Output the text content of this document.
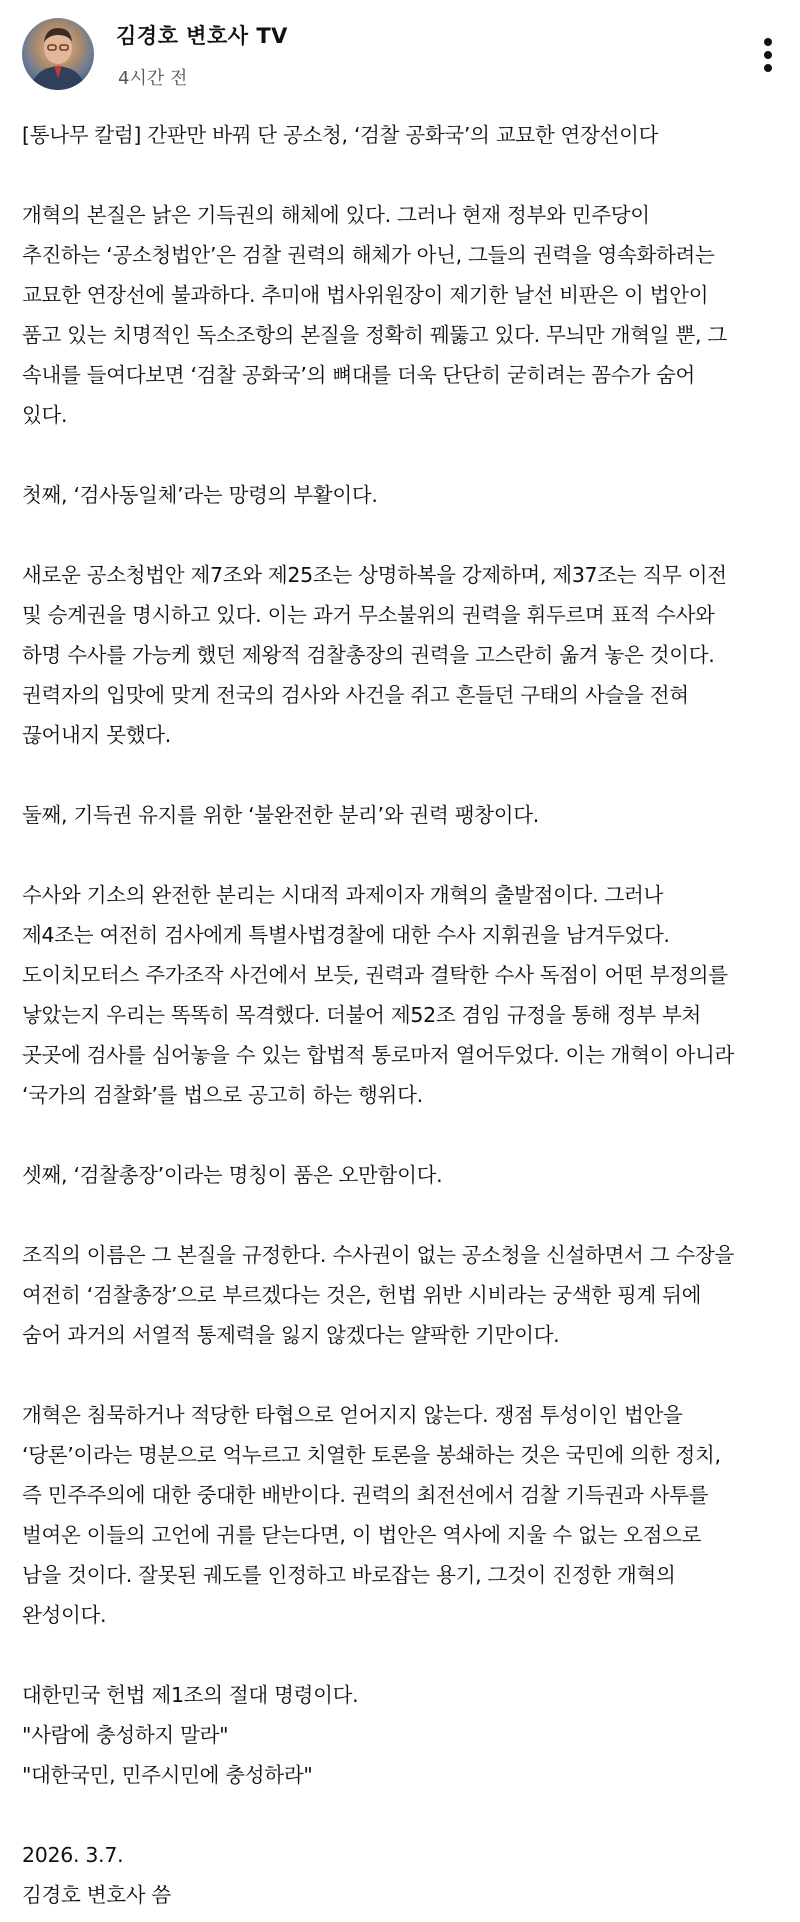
김경호 변호사 TV
4시간 전

[통나무 칼럼] 간판만 바꿔 단 공소청, ‘검찰 공화국’의 교묘한 연장선이다

개혁의 본질은 낡은 기득권의 해체에 있다. 그러나 현재 정부와 민주당이
추진하는 ‘공소청법안’은 검찰 권력의 해체가 아닌, 그들의 권력을 영속화하려는
교묘한 연장선에 불과하다. 추미애 법사위원장이 제기한 날선 비판은 이 법안이
품고 있는 치명적인 독소조항의 본질을 정확히 꿰뚫고 있다. 무늬만 개혁일 뿐, 그
속내를 들여다보면 ‘검찰 공화국’의 뼈대를 더욱 단단히 굳히려는 꼼수가 숨어
있다.

첫째, ‘검사동일체’라는 망령의 부활이다.

새로운 공소청법안 제7조와 제25조는 상명하복을 강제하며, 제37조는 직무 이전
및 승계권을 명시하고 있다. 이는 과거 무소불위의 권력을 휘두르며 표적 수사와
하명 수사를 가능케 했던 제왕적 검찰총장의 권력을 고스란히 옮겨 놓은 것이다.
권력자의 입맛에 맞게 전국의 검사와 사건을 쥐고 흔들던 구태의 사슬을 전혀
끊어내지 못했다.

둘째, 기득권 유지를 위한 ‘불완전한 분리’와 권력 팽창이다.

수사와 기소의 완전한 분리는 시대적 과제이자 개혁의 출발점이다. 그러나
제4조는 여전히 검사에게 특별사법경찰에 대한 수사 지휘권을 남겨두었다.
도이치모터스 주가조작 사건에서 보듯, 권력과 결탁한 수사 독점이 어떤 부정의를
낳았는지 우리는 똑똑히 목격했다. 더불어 제52조 겸임 규정을 통해 정부 부처
곳곳에 검사를 심어놓을 수 있는 합법적 통로마저 열어두었다. 이는 개혁이 아니라
‘국가의 검찰화’를 법으로 공고히 하는 행위다.

셋째, ‘검찰총장’이라는 명칭이 품은 오만함이다.

조직의 이름은 그 본질을 규정한다. 수사권이 없는 공소청을 신설하면서 그 수장을
여전히 ‘검찰총장’으로 부르겠다는 것은, 헌법 위반 시비라는 궁색한 핑계 뒤에
숨어 과거의 서열적 통제력을 잃지 않겠다는 얄팍한 기만이다.

개혁은 침묵하거나 적당한 타협으로 얻어지지 않는다. 쟁점 투성이인 법안을
‘당론’이라는 명분으로 억누르고 치열한 토론을 봉쇄하는 것은 국민에 의한 정치,
즉 민주주의에 대한 중대한 배반이다. 권력의 최전선에서 검찰 기득권과 사투를
벌여온 이들의 고언에 귀를 닫는다면, 이 법안은 역사에 지울 수 없는 오점으로
남을 것이다. 잘못된 궤도를 인정하고 바로잡는 용기, 그것이 진정한 개혁의
완성이다.

대한민국 헌법 제1조의 절대 명령이다.
"사람에 충성하지 말라"
"대한국민, 민주시민에 충성하라"

2026. 3.7.

김경호 변호사 씀
